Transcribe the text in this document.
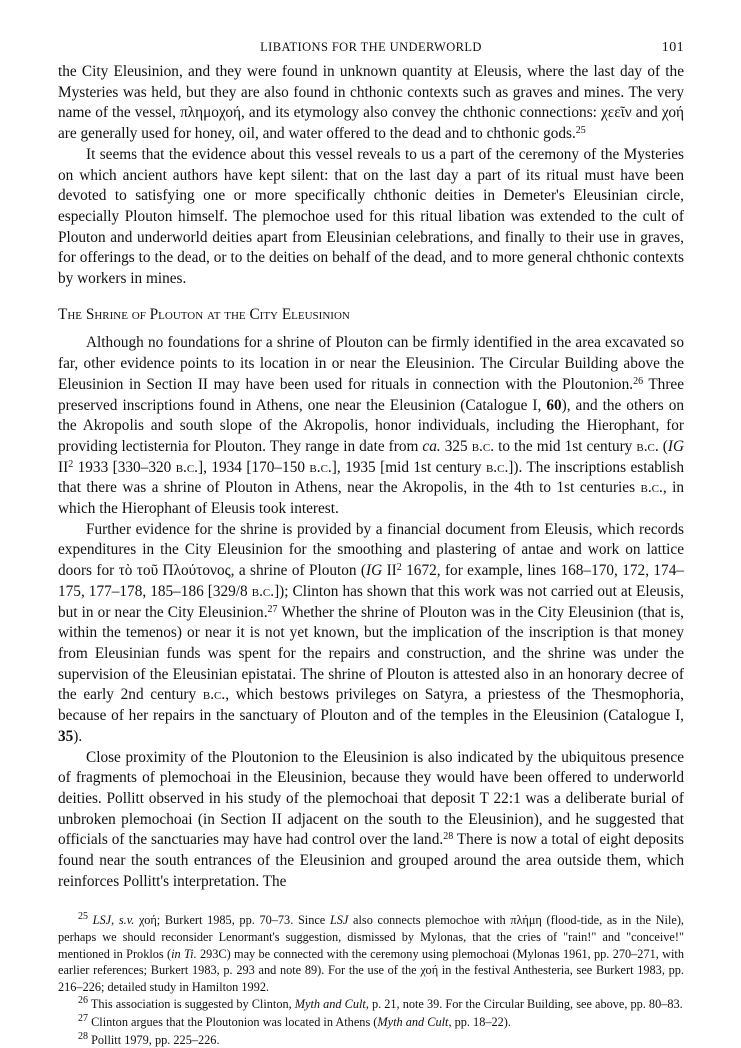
LIBATIONS FOR THE UNDERWORLD	101

the City Eleusinion, and they were found in unknown quantity at Eleusis, where the last day of the Mysteries was held, but they are also found in chthonic contexts such as graves and mines. The very name of the vessel, πλημοχοή, and its etymology also convey the chthonic connections: χεεῖν and χοή are generally used for honey, oil, and water offered to the dead and to chthonic gods.$^{25}$

It seems that the evidence about this vessel reveals to us a part of the ceremony of the Mysteries on which ancient authors have kept silent: that on the last day a part of its ritual must have been devoted to satisfying one or more specifically chthonic deities in Demeter's Eleusinian circle, especially Plouton himself. The plemochoe used for this ritual libation was extended to the cult of Plouton and underworld deities apart from Eleusinian celebrations, and finally to their use in graves, for offerings to the dead, or to the deities on behalf of the dead, and to more general chthonic contexts by workers in mines.

The Shrine of Plouton at the City Eleusinion

Although no foundations for a shrine of Plouton can be firmly identified in the area excavated so far, other evidence points to its location in or near the Eleusinion. The Circular Building above the Eleusinion in Section ΙΙ may have been used for rituals in connection with the Ploutonion.$^{26}$ Three preserved inscriptions found in Athens, one near the Eleusinion (Catalogue I, 60), and the others on the Akropolis and south slope of the Akropolis, honor individuals, including the Hierophant, for providing lectisternia for Plouton. They range in date from ca. 325 b.c. to the mid 1st century b.c. (IG $II^2$ 1933 [330–320 b.c.], 1934 [170–150 b.c.], 1935 [mid 1st century b.c.]). The inscriptions establish that there was a shrine of Plouton in Athens, near the Akropolis, in the 4th to 1st centuries b.c., in which the Hierophant of Eleusis took interest.

Further evidence for the shrine is provided by a financial document from Eleusis, which records expenditures in the City Eleusinion for the smoothing and plastering of antae and work on lattice doors for τὸ τοῦ Πλούτονος, a shrine of Plouton (IG $II^2$ 1672, for example, lines 168–170, 172, 174–175, 177–178, 185–186 [329/8 b.c.]); Clinton has shown that this work was not carried out at Eleusis, but in or near the City Eleusinion.$^{27}$ Whether the shrine of Plouton was in the City Eleusinion (that is, within the temenos) or near it is not yet known, but the implication of the inscription is that money from Eleusinian funds was spent for the repairs and construction, and the shrine was under the supervision of the Eleusinian epistatai. The shrine of Plouton is attested also in an honorary decree of the early 2nd century b.c., which bestows privileges on Satyra, a priestess of the Thesmophoria, because of her repairs in the sanctuary of Plouton and of the temples in the Eleusinion (Catalogue I, 35).

Close proximity of the Ploutonion to the Eleusinion is also indicated by the ubiquitous presence of fragments of plemochoai in the Eleusinion, because they would have been offered to underworld deities. Pollitt observed in his study of the plemochoai that deposit T 22:1 was a deliberate burial of unbroken plemochoai (in Section ΙΙ adjacent on the south to the Eleusinion), and he suggested that officials of the sanctuaries may have had control over the land.$^{28}$ There is now a total of eight deposits found near the south entrances of the Eleusinion and grouped around the area outside them, which reinforces Pollitt's interpretation. The

$^{25}$ LSJ, s.v. χοή; Burkert 1985, pp. 70–73. Since LSJ also connects plemochoe with πλήμη (flood-tide, as in the Nile), perhaps we should reconsider Lenormant's suggestion, dismissed by Mylonas, that the cries of "rain!" and "conceive!" mentioned in Proklos (in Ti. 293C) may be connected with the ceremony using plemochoai (Mylonas 1961, pp. 270–271, with earlier references; Burkert 1983, p. 293 and note 89). For the use of the χοή in the festival Anthesteria, see Burkert 1983, pp. 216–226; detailed study in Hamilton 1992.

$^{26}$ This association is suggested by Clinton, Myth and Cult, p. 21, note 39. For the Circular Building, see above, pp. 80–83.

$^{27}$ Clinton argues that the Ploutonion was located in Athens (Myth and Cult, pp. 18–22).

$^{28}$ Pollitt 1979, pp. 225–226.
